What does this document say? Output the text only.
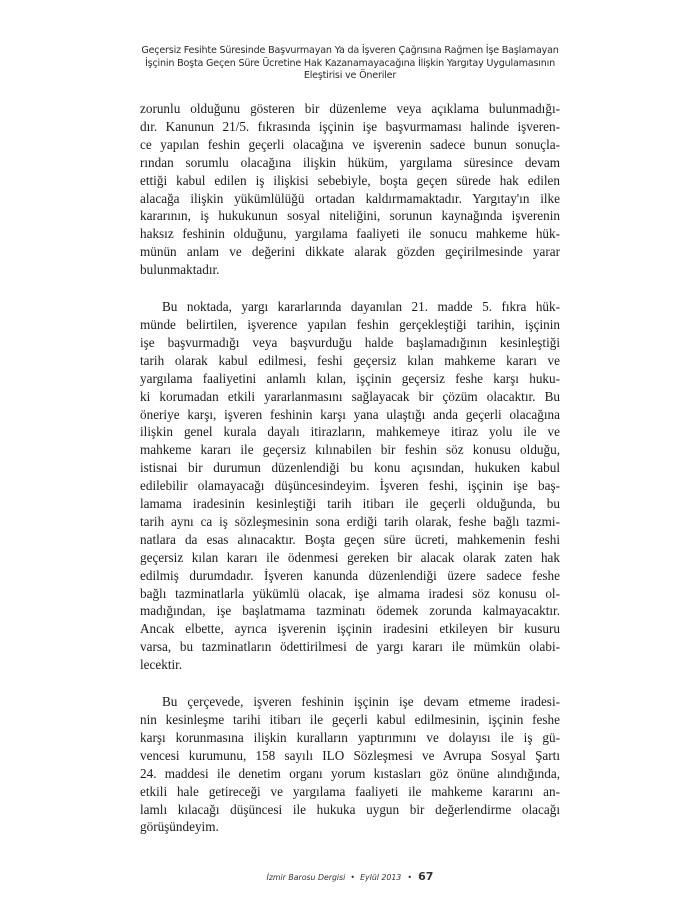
Geçersiz Fesihte Süresinde Başvurmayan Ya da İşveren Çağrısına Rağmen İşe Başlamayan
İşçinin Boşta Geçen Süre Ücretine Hak Kazanamayacağına İlişkin Yargıtay Uygulamasının
Eleştirisi ve Öneriler
zorunlu olduğunu gösteren bir düzenleme veya açıklama bulunmadığı-
dır. Kanunun 21/5. fıkrasında işçinin işe başvurmaması halinde işveren-
ce yapılan feshin geçerli olacağına ve işverenin sadece bunun sonuçla-
rından sorumlu olacağına ilişkin hüküm, yargılama süresince devam
ettiği kabul edilen iş ilişkisi sebebiyle, boşta geçen sürede hak edilen
alacağa ilişkin yükümlülüğü ortadan kaldırmamaktadır. Yargıtay'ın ilke
kararının, iş hukukunun sosyal niteliğini, sorunun kaynağında işverenin
haksız feshinin olduğunu, yargılama faaliyeti ile sonucu mahkeme hük-
münün anlam ve değerini dikkate alarak gözden geçirilmesinde yarar
bulunmaktadır.
Bu noktada, yargı kararlarında dayanılan 21. madde 5. fıkra hük-
münde belirtilen, işverence yapılan feshin gerçekleştiği tarihin, işçinin
işe başvurmadığı veya başvurduğu halde başlamadığının kesinleştiği
tarih olarak kabul edilmesi, feshi geçersiz kılan mahkeme kararı ve
yargılama faaliyetini anlamlı kılan, işçinin geçersiz feshe karşı huku-
ki korumadan etkili yararlanmasını sağlayacak bir çözüm olacaktır. Bu
öneriye karşı, işveren feshinin karşı yana ulaştığı anda geçerli olacağına
ilişkin genel kurala dayalı itirazların, mahkemeye itiraz yolu ile ve
mahkeme kararı ile geçersiz kılınabilen bir feshin söz konusu olduğu,
istisnai bir durumun düzenlendiği bu konu açısından, hukuken kabul
edilebilir olamayacağı düşüncesindeyim. İşveren feshi, işçinin işe baş-
lamama iradesinin kesinleştiği tarih itibarı ile geçerli olduğunda, bu
tarih aynı ca iş sözleşmesinin sona erdiği tarih olarak, feshe bağlı tazmi-
natlara da esas alınacaktır. Boşta geçen süre ücreti, mahkemenin feshi
geçersiz kılan kararı ile ödenmesi gereken bir alacak olarak zaten hak
edilmiş durumdadır. İşveren kanunda düzenlendiği üzere sadece feshe
bağlı tazminatlarla yükümlü olacak, işe almama iradesi söz konusu ol-
madığından, işe başlatmama tazminatı ödemek zorunda kalmayacaktır.
Ancak elbette, ayrıca işverenin işçinin iradesini etkileyen bir kusuru
varsa, bu tazminatların ödettirilmesi de yargı kararı ile mümkün olabi-
lecektir.
Bu çerçevede, işveren feshinin işçinin işe devam etmeme iradesi-
nin kesinleşme tarihi itibarı ile geçerli kabul edilmesinin, işçinin feshe
karşı korunmasına ilişkin kuralların yaptırımını ve dolayısı ile iş gü-
vencesi kurumunu, 158 sayılı ILO Sözleşmesi ve Avrupa Sosyal Şartı
24. maddesi ile denetim organı yorum kıstasları göz önüne alındığında,
etkili hale getireceği ve yargılama faaliyeti ile mahkeme kararını an-
lamlı kılacağı düşüncesi ile hukuka uygun bir değerlendirme olacağı
görüşündeyim.
İzmir Barosu Dergisi • Eylül 2013 • 67
